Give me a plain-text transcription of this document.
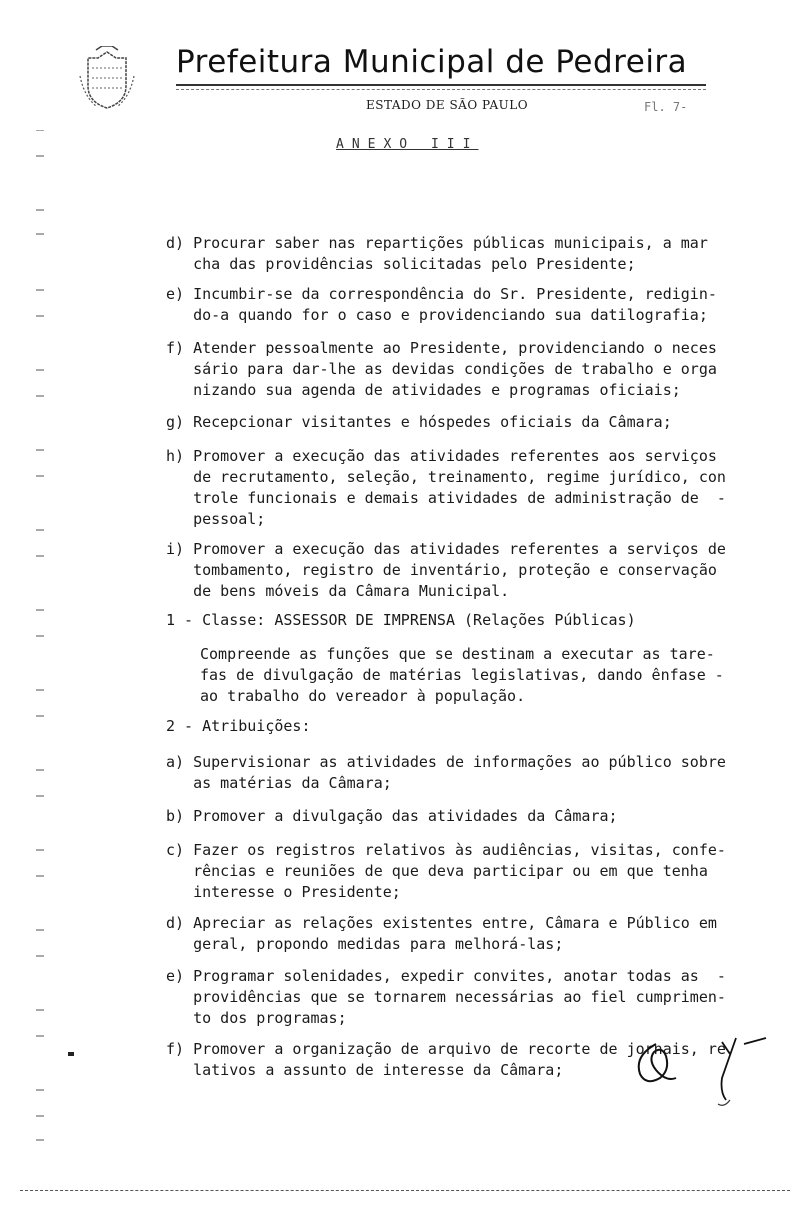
Prefeitura Municipal de Pedreira
ESTADO DE SÃO PAULO	Fl. 7-
ANEXO III

d) Procurar saber nas repartições públicas municipais, a mar
cha das providências solicitadas pelo Presidente;

e) Incumbir-se da correspondência do Sr. Presidente, redigin-
do-a quando for o caso e providenciando sua datilografia;

f) Atender pessoalmente ao Presidente, providenciando o neces
sário para dar-lhe as devidas condições de trabalho e orga
nizando sua agenda de atividades e programas oficiais;

g) Recepcionar visitantes e hóspedes oficiais da Câmara;

h) Promover a execução das atividades referentes aos serviços
de recrutamento, seleção, treinamento, regime jurídico, con
trole funcionais e demais atividades de administração de  -
pessoal;

i) Promover a execução das atividades referentes a serviços de
tombamento, registro de inventário, proteção e conservação
de bens móveis da Câmara Municipal.

1 - Classe: ASSESSOR DE IMPRENSA (Relações Públicas)

Compreende as funções que se destinam a executar as tare-
fas de divulgação de matérias legislativas, dando ênfase -
ao trabalho do vereador à população.

2 - Atribuições:

a) Supervisionar as atividades de informações ao público sobre
as matérias da Câmara;

b) Promover a divulgação das atividades da Câmara;

c) Fazer os registros relativos às audiências, visitas, confe-
rências e reuniões de que deva participar ou em que tenha
interesse o Presidente;

d) Apreciar as relações existentes entre, Câmara e Público em
geral, propondo medidas para melhorá-las;

e) Programar solenidades, expedir convites, anotar todas as  -
providências que se tornarem necessárias ao fiel cumprimen-
to dos programas;

f) Promover a organização de arquivo de recorte de jornais, re
lativos a assunto de interesse da Câmara;
